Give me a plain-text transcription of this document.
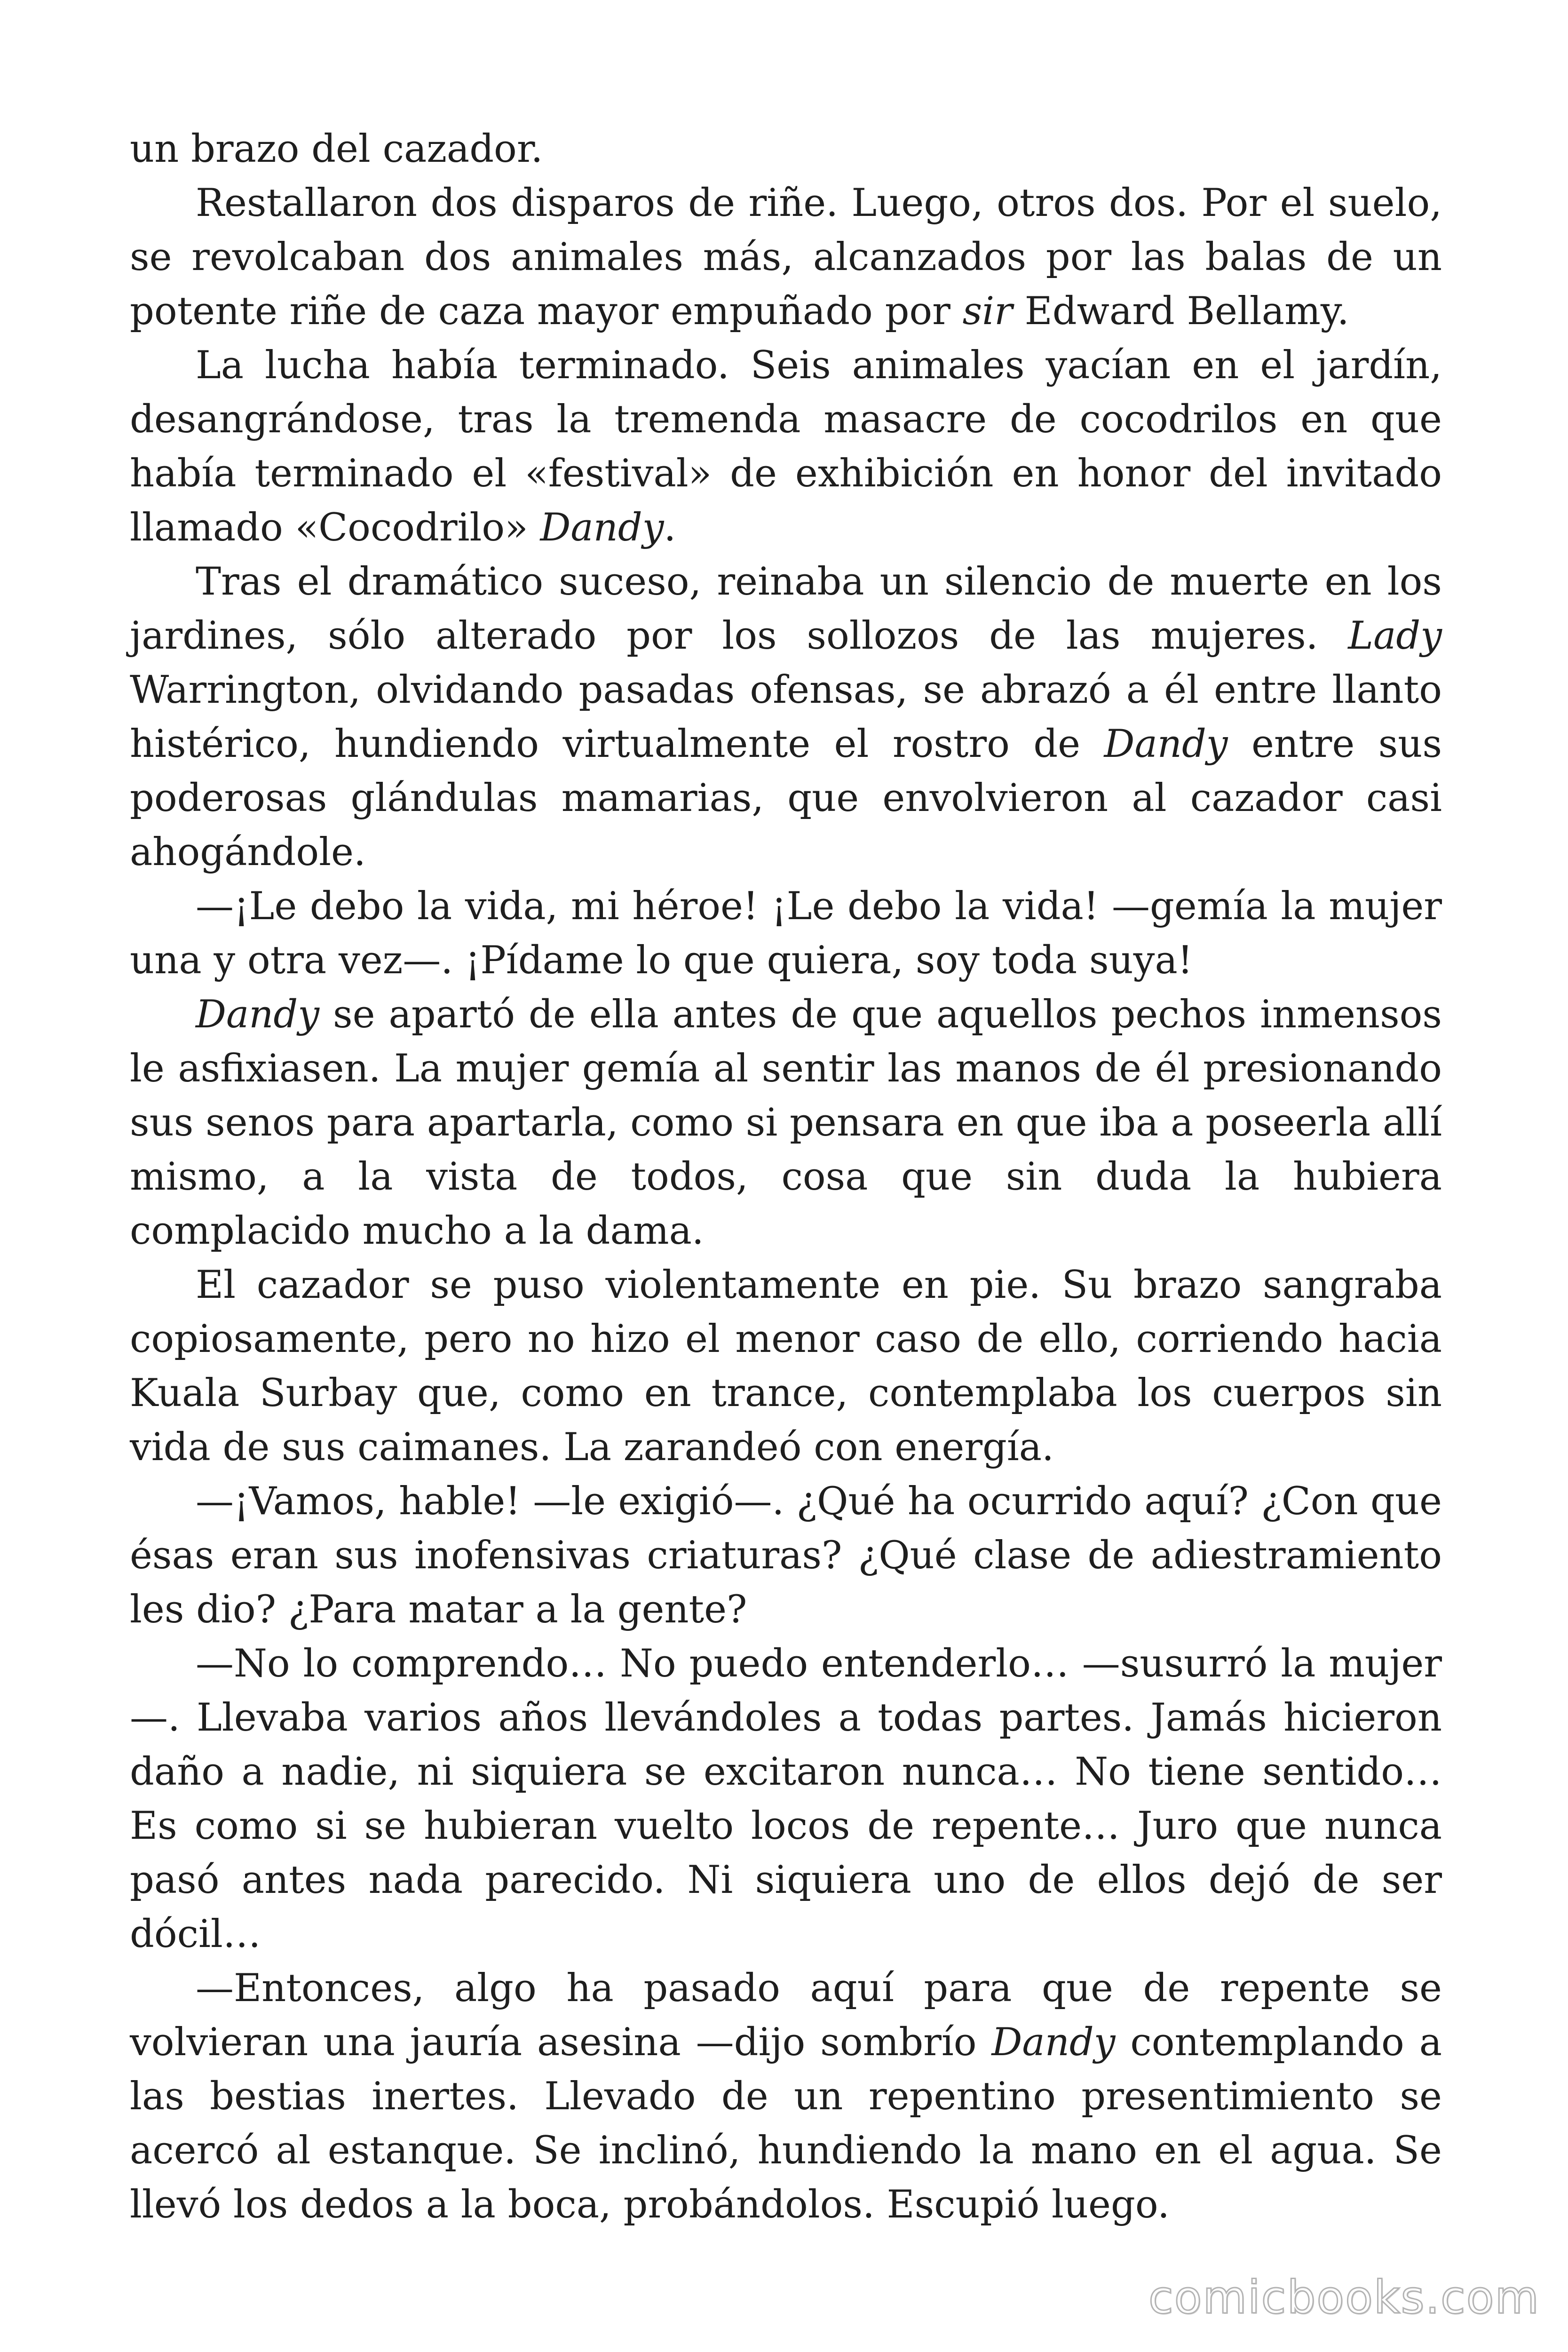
un brazo del cazador.

Restallaron dos disparos de riñe. Luego, otros dos. Por el suelo, se revolcaban dos animales más, alcanzados por las balas de un potente riñe de caza mayor empuñado por sir Edward Bellamy.

La lucha había terminado. Seis animales yacían en el jardín, desangrándose, tras la tremenda masacre de cocodrilos en que había terminado el «festival» de exhibición en honor del invitado llamado «Cocodrilo» Dandy.

Tras el dramático suceso, reinaba un silencio de muerte en los jardines, sólo alterado por los sollozos de las mujeres. Lady Warrington, olvidando pasadas ofensas, se abrazó a él entre llanto histérico, hundiendo virtualmente el rostro de Dandy entre sus poderosas glándulas mamarias, que envolvieron al cazador casi ahogándole.

—¡Le debo la vida, mi héroe! ¡Le debo la vida! —gemía la mujer una y otra vez—. ¡Pídame lo que quiera, soy toda suya!

Dandy se apartó de ella antes de que aquellos pechos inmensos le asfixiasen. La mujer gemía al sentir las manos de él presionando sus senos para apartarla, como si pensara en que iba a poseerla allí mismo, a la vista de todos, cosa que sin duda la hubiera complacido mucho a la dama.

El cazador se puso violentamente en pie. Su brazo sangraba copiosamente, pero no hizo el menor caso de ello, corriendo hacia Kuala Surbay que, como en trance, contemplaba los cuerpos sin vida de sus caimanes. La zarandeó con energía.

—¡Vamos, hable! —le exigió—. ¿Qué ha ocurrido aquí? ¿Con que ésas eran sus inofensivas criaturas? ¿Qué clase de adiestramiento les dio? ¿Para matar a la gente?

—No lo comprendo… No puedo entenderlo… —susurró la mujer —. Llevaba varios años llevándoles a todas partes. Jamás hicieron daño a nadie, ni siquiera se excitaron nunca… No tiene sentido… Es como si se hubieran vuelto locos de repente… Juro que nunca pasó antes nada parecido. Ni siquiera uno de ellos dejó de ser dócil…

—Entonces, algo ha pasado aquí para que de repente se volvieran una jauría asesina —dijo sombrío Dandy contemplando a las bestias inertes. Llevado de un repentino presentimiento se acercó al estanque. Se inclinó, hundiendo la mano en el agua. Se llevó los dedos a la boca, probándolos. Escupió luego.

comicbooks.com
